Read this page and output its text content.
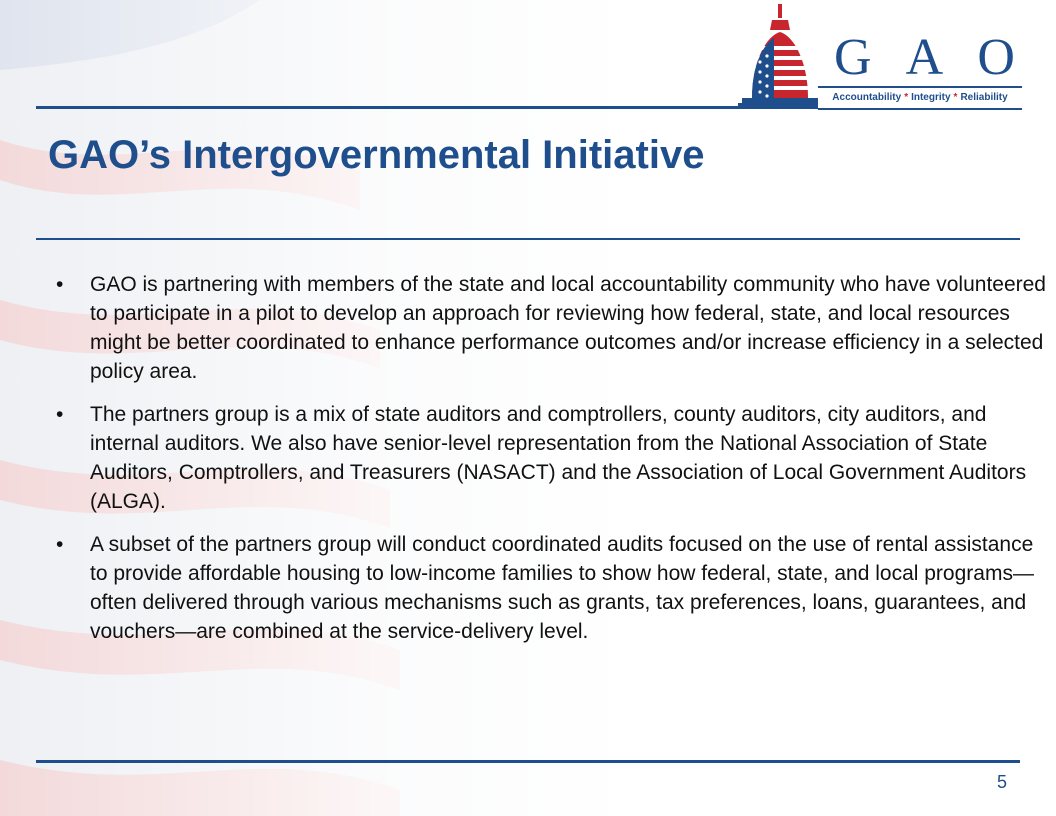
G A O
Accountability * Integrity * Reliability
GAO’s Intergovernmental Initiative
•	GAO is partnering with members of the state and local accountability community who have volunteered to participate in a pilot to develop an approach for reviewing how federal, state, and local resources might be better coordinated to enhance performance outcomes and/or increase efficiency in a selected policy area.
•	The partners group is a mix of state auditors and comptrollers, county auditors, city auditors, and internal auditors. We also have senior-level representation from the National Association of State Auditors, Comptrollers, and Treasurers (NASACT) and the Association of Local Government Auditors (ALGA).
•	A subset of the partners group will conduct coordinated audits focused on the use of rental assistance to provide affordable housing to low-income families to show how federal, state, and local programs—often delivered through various mechanisms such as grants, tax preferences, loans, guarantees, and vouchers—are combined at the service-delivery level.
5
